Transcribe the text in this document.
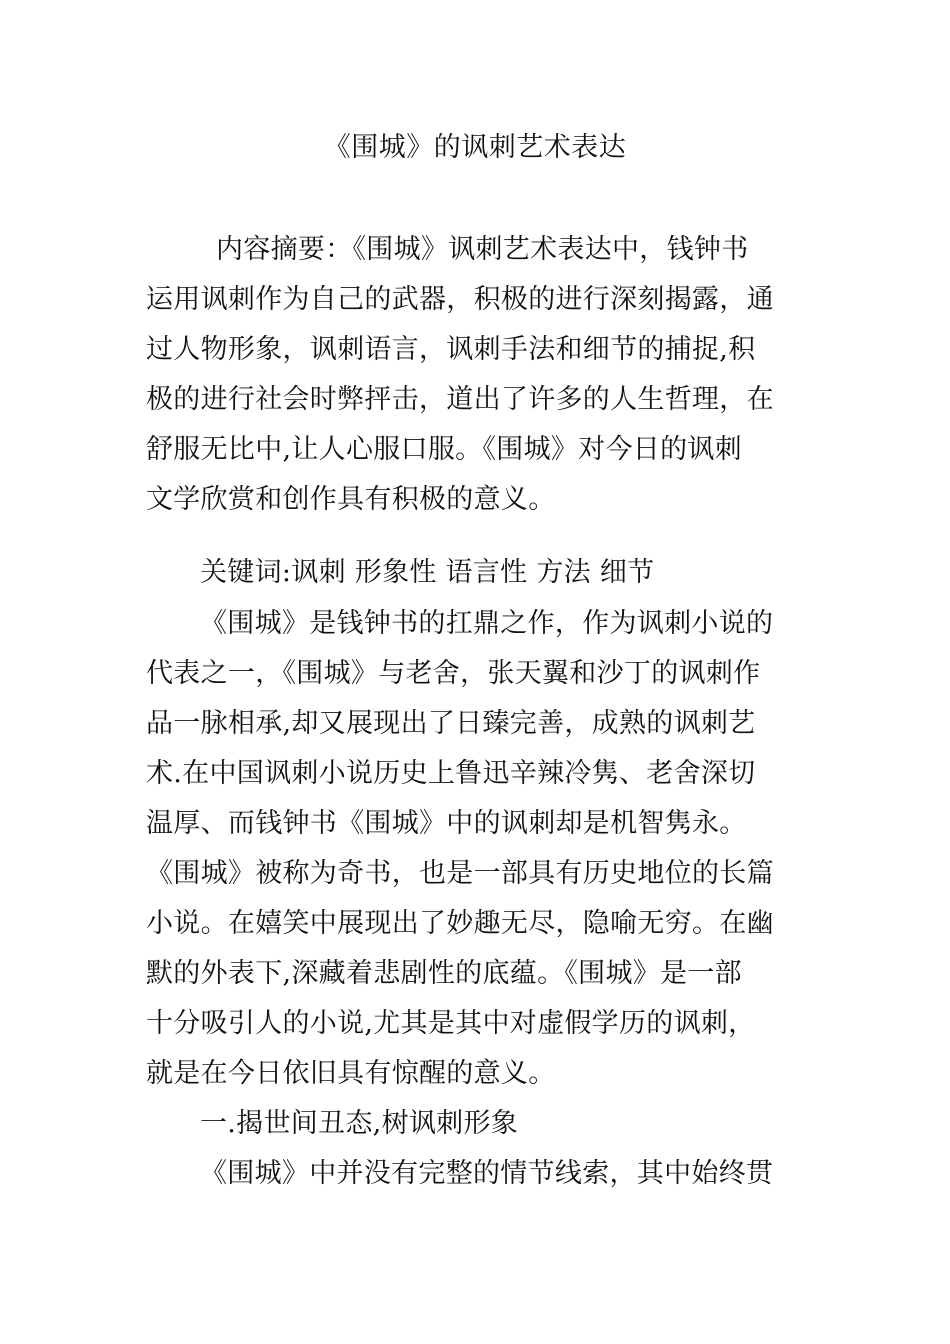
《围城》的讽刺艺术表达
内容摘要：《围城》讽刺艺术表达中，钱钟书
运用讽刺作为自己的武器，积极的进行深刻揭露，通
过人物形象，讽刺语言，讽刺手法和细节的捕捉,积
极的进行社会时弊抨击，道出了许多的人生哲理，在
舒服无比中,让人心服口服。《围城》对今日的讽刺
文学欣赏和创作具有积极的意义。
关键词:讽刺 形象性 语言性 方法 细节
《围城》是钱钟书的扛鼎之作，作为讽刺小说的
代表之一，《围城》与老舍，张天翼和沙丁的讽刺作
品一脉相承,却又展现出了日臻完善，成熟的讽刺艺
术.在中国讽刺小说历史上鲁迅辛辣冷隽、老舍深切
温厚、而钱钟书《围城》中的讽刺却是机智隽永。
《围城》被称为奇书，也是一部具有历史地位的长篇
小说。在嬉笑中展现出了妙趣无尽，隐喻无穷。在幽
默的外表下,深藏着悲剧性的底蕴。《围城》是一部
十分吸引人的小说,尤其是其中对虚假学历的讽刺，
就是在今日依旧具有惊醒的意义。
一.揭世间丑态,树讽刺形象
《围城》中并没有完整的情节线索，其中始终贯
